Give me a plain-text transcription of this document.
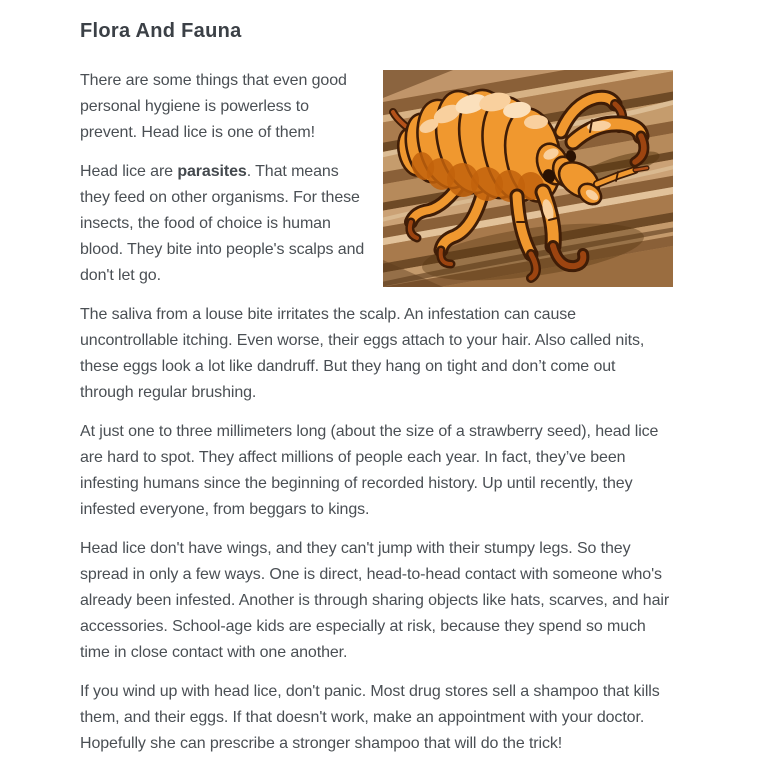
Flora And Fauna

There are some things that even good personal hygiene is powerless to prevent. Head lice is one of them!

Head lice are parasites. That means they feed on other organisms. For these insects, the food of choice is human blood. They bite into people's scalps and don't let go.

The saliva from a louse bite irritates the scalp. An infestation can cause uncontrollable itching. Even worse, their eggs attach to your hair. Also called nits, these eggs look a lot like dandruff. But they hang on tight and don’t come out through regular brushing.

At just one to three millimeters long (about the size of a strawberry seed), head lice are hard to spot. They affect millions of people each year. In fact, they’ve been infesting humans since the beginning of recorded history. Up until recently, they infested everyone, from beggars to kings.

Head lice don't have wings, and they can't jump with their stumpy legs. So they spread in only a few ways. One is direct, head-to-head contact with someone who's already been infested. Another is through sharing objects like hats, scarves, and hair accessories. School-age kids are especially at risk, because they spend so much time in close contact with one another.

If you wind up with head lice, don't panic. Most drug stores sell a shampoo that kills them, and their eggs. If that doesn't work, make an appointment with your doctor. Hopefully she can prescribe a stronger shampoo that will do the trick!
